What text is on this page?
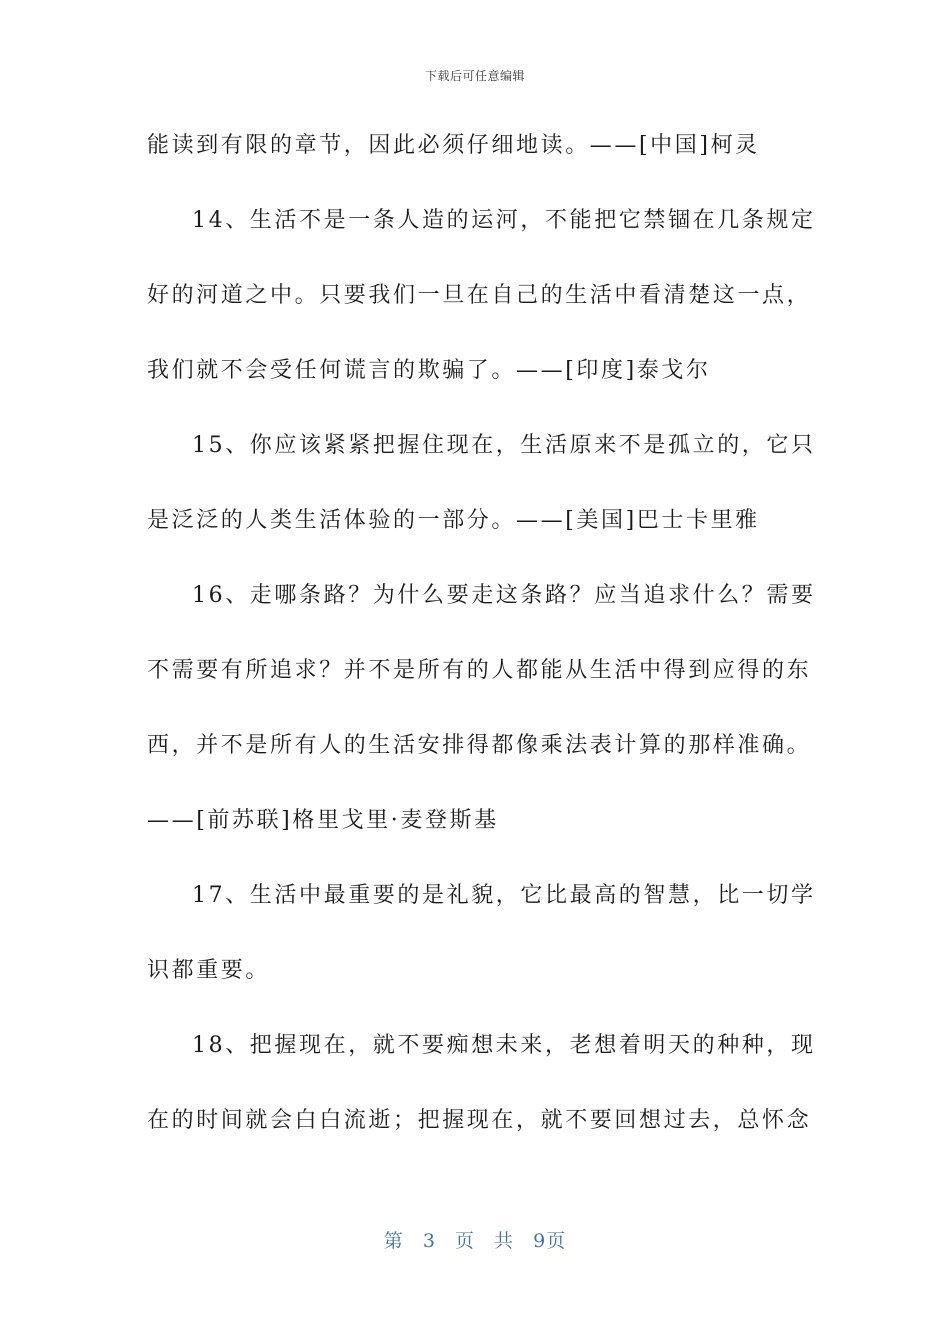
下载后可任意编辑
能读到有限的章节，因此必须仔细地读。——[中国]柯灵
14、生活不是一条人造的运河，不能把它禁锢在几条规定
好的河道之中。只要我们一旦在自己的生活中看清楚这一点，
我们就不会受任何谎言的欺骗了。——[印度]泰戈尔
15、你应该紧紧把握住现在，生活原来不是孤立的，它只
是泛泛的人类生活体验的一部分。——[美国]巴士卡里雅
16、走哪条路？为什么要走这条路？应当追求什么？需要
不需要有所追求？并不是所有的人都能从生活中得到应得的东
西，并不是所有人的生活安排得都像乘法表计算的那样准确。
——[前苏联]格里戈里·麦登斯基
17、生活中最重要的是礼貌，它比最高的智慧，比一切学
识都重要。
18、把握现在，就不要痴想未来，老想着明天的种种，现
在的时间就会白白流逝；把握现在，就不要回想过去，总怀念
第 3 页 共 9页
